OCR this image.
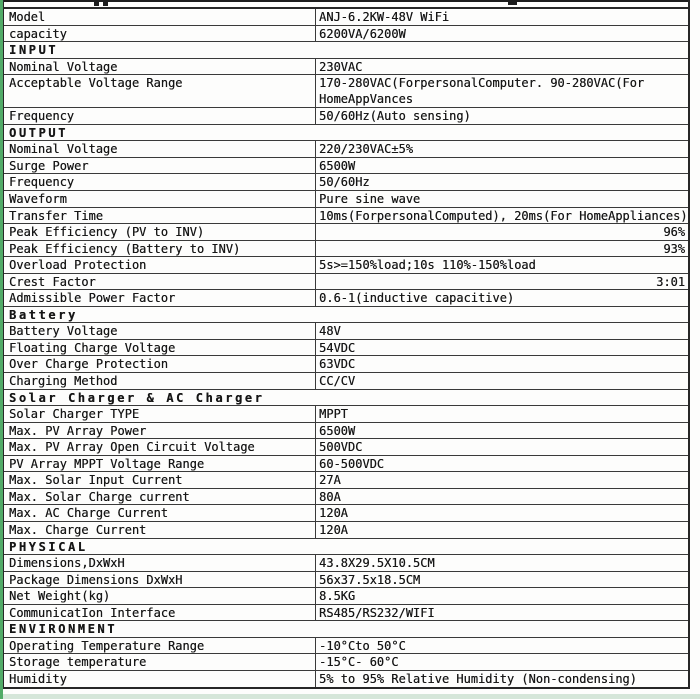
Model	ANJ-6.2KW-48V WiFi
capacity	6200VA/6200W
INPUT
Nominal Voltage	230VAC
Acceptable Voltage Range	170-280VAC(ForpersonalComputer. 90-280VAC(For
HomeAppVances
Frequency	50/60Hz(Auto sensing)
OUTPUT
Nominal Voltage	220/230VAC±5%
Surge Power	6500W
Frequency	50/60Hz
Waveform	Pure sine wave
Transfer Time	10ms(ForpersonalComputed), 20ms(For HomeAppliances)
Peak Efficiency (PV to INV)	96%
Peak Efficiency (Battery to INV)	93%
Overload Protection	5s>=150%load;10s 110%-150%load
Crest Factor	3:01
Admissible Power Factor	0.6-1(inductive capacitive)
Battery
Battery Voltage	48V
Floating Charge Voltage	54VDC
Over Charge Protection	63VDC
Charging Method	CC/CV
Solar Charger & AC Charger
Solar Charger TYPE	MPPT
Max. PV Array Power	6500W
Max. PV Array Open Circuit Voltage	500VDC
PV Array MPPT Voltage Range	60-500VDC
Max. Solar Input Current	27A
Max. Solar Charge current	80A
Max. AC Charge Current	120A
Max. Charge Current	120A
PHYSICAL
Dimensions,DxWxH	43.8X29.5X10.5CM
Package Dimensions DxWxH	56x37.5x18.5CM
Net Weight(kg)	8.5KG
CommunicatIon Interface	RS485/RS232/WIFI
ENVIRONMENT
Operating Temperature Range	-10°Cto 50°C
Storage temperature	-15°C- 60°C
Humidity	5% to 95% Relative Humidity (Non-condensing)
